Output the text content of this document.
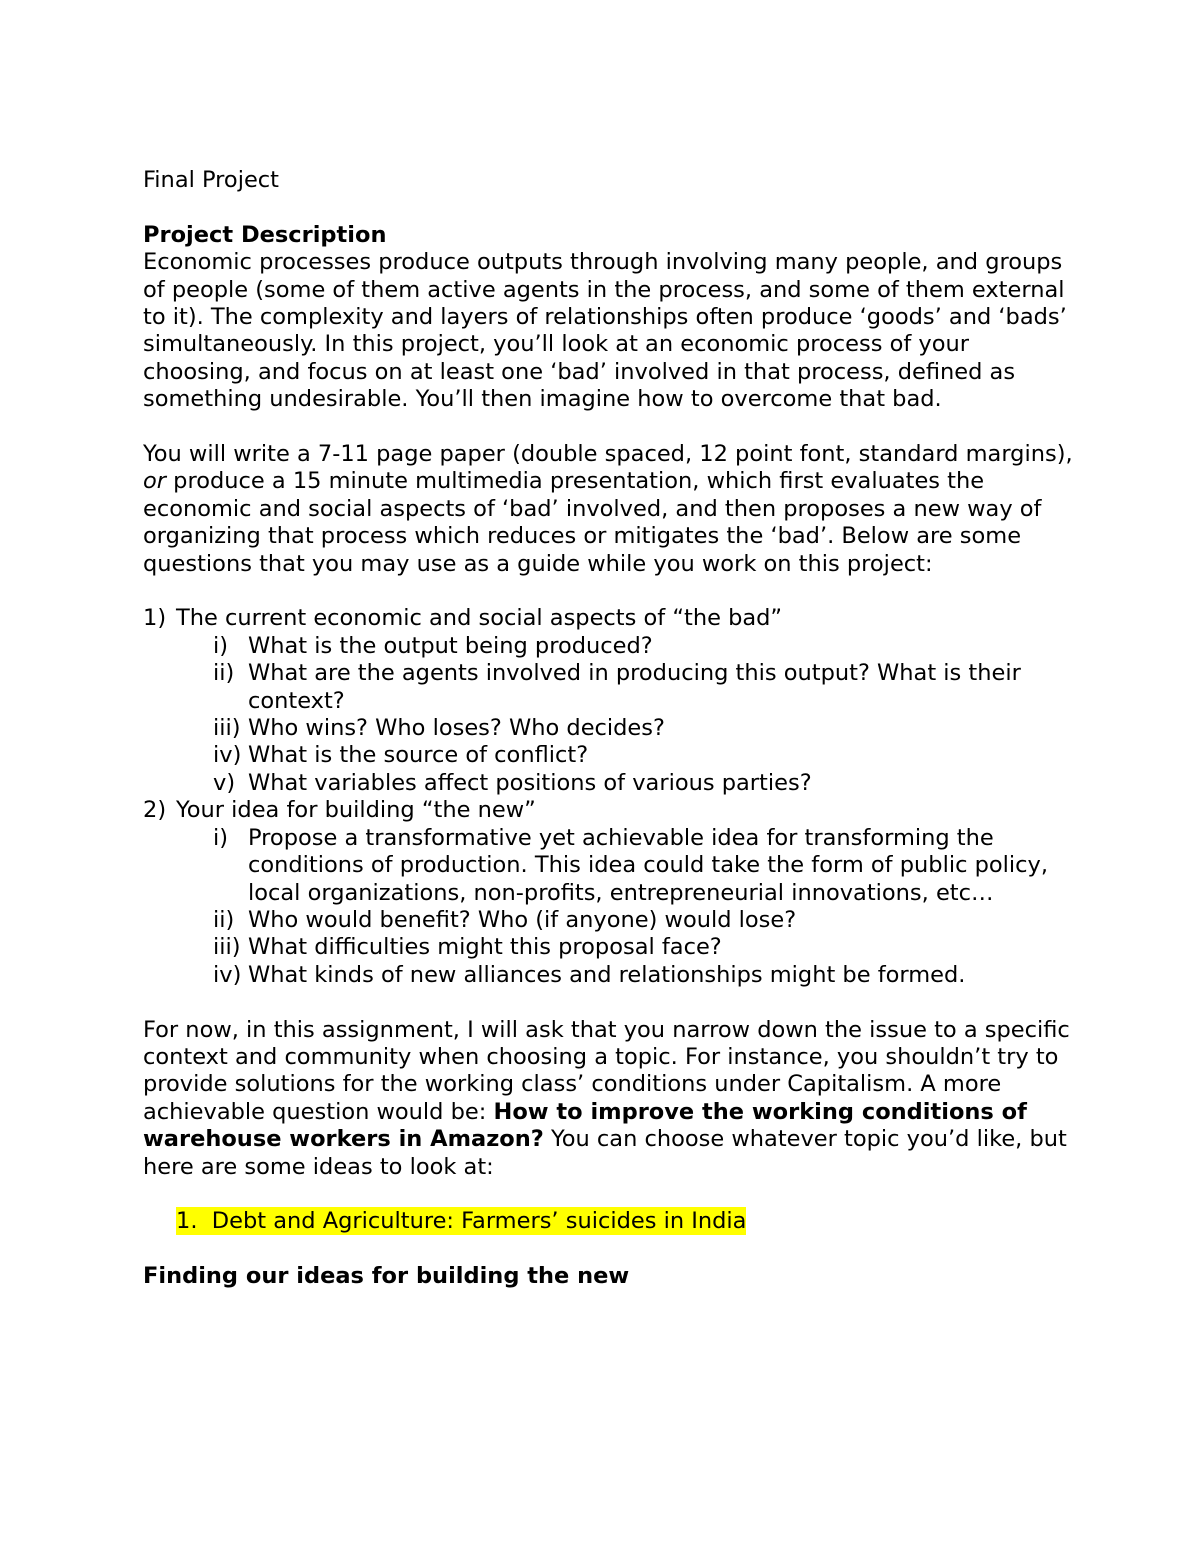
Final Project

Project Description

Economic processes produce outputs through involving many people, and groups of people (some of them active agents in the process, and some of them external to it). The complexity and layers of relationships often produce ‘goods’ and ‘bads’ simultaneously. In this project, you’ll look at an economic process of your choosing, and focus on at least one ‘bad’ involved in that process, defined as something undesirable. You’ll then imagine how to overcome that bad.

You will write a 7-11 page paper (double spaced, 12 point font, standard margins), or produce a 15 minute multimedia presentation, which first evaluates the economic and social aspects of ‘bad’ involved, and then proposes a new way of organizing that process which reduces or mitigates the ‘bad’. Below are some questions that you may use as a guide while you work on this project:

1) The current economic and social aspects of “the bad”
i) What is the output being produced?
ii) What are the agents involved in producing this output? What is their context?
iii) Who wins? Who loses? Who decides?
iv) What is the source of conflict?
v) What variables affect positions of various parties?
2) Your idea for building “the new”
i) Propose a transformative yet achievable idea for transforming the conditions of production. This idea could take the form of public policy, local organizations, non-profits, entrepreneurial innovations, etc…
ii) Who would benefit? Who (if anyone) would lose?
iii) What difficulties might this proposal face?
iv) What kinds of new alliances and relationships might be formed.

For now, in this assignment, I will ask that you narrow down the issue to a specific context and community when choosing a topic. For instance, you shouldn’t try to provide solutions for the working class’ conditions under Capitalism. A more achievable question would be: How to improve the working conditions of warehouse workers in Amazon? You can choose whatever topic you’d like, but here are some ideas to look at:

1. Debt and Agriculture: Farmers’ suicides in India

Finding our ideas for building the new
